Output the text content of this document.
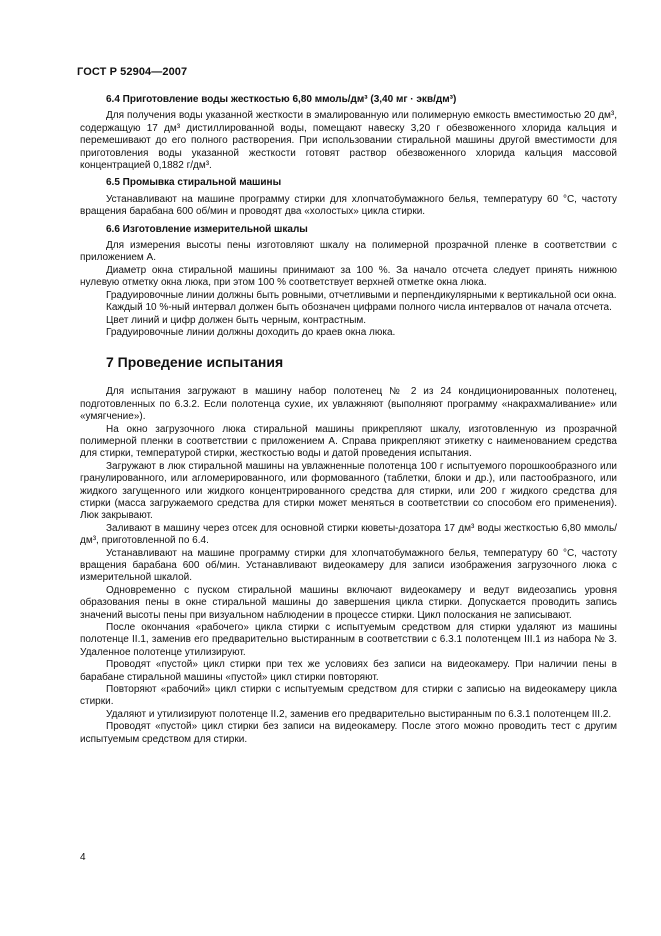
ГОСТ Р 52904—2007
6.4 Приготовление воды жесткостью 6,80 ммоль/дм³ (3,40 мг · экв/дм³)

Для получения воды указанной жесткости в эмалированную или полимерную емкость вместимостью 20 дм³, содержащую 17 дм³ дистиллированной воды, помещают навеску 3,20 г обезвоженного хлорида кальция и перемешивают до его полного растворения. При использовании стиральной машины другой вместимости для приготовления воды указанной жесткости готовят раствор обезвоженного хлорида кальция массовой концентрацией 0,1882 г/дм³.

6.5 Промывка стиральной машины

Устанавливают на машине программу стирки для хлопчатобумажного белья, температуру 60 °С, частоту вращения барабана 600 об/мин и проводят два «холостых» цикла стирки.

6.6 Изготовление измерительной шкалы

Для измерения высоты пены изготовляют шкалу на полимерной прозрачной пленке в соответствии с приложением А.

Диаметр окна стиральной машины принимают за 100 %. За начало отсчета следует принять нижнюю нулевую отметку окна люка, при этом 100 % соответствует верхней отметке окна люка.

Градуировочные линии должны быть ровными, отчетливыми и перпендикулярными к вертикальной оси окна.

Каждый 10 %-ный интервал должен быть обозначен цифрами полного числа интервалов от начала отсчета.

Цвет линий и цифр должен быть черным, контрастным.

Градуировочные линии должны доходить до краев окна люка.

7 Проведение испытания

Для испытания загружают в машину набор полотенец № 2 из 24 кондиционированных полотенец, подготовленных по 6.3.2. Если полотенца сухие, их увлажняют (выполняют программу «накрахмаливание» или «умягчение»).

На окно загрузочного люка стиральной машины прикрепляют шкалу, изготовленную из прозрачной полимерной пленки в соответствии с приложением А. Справа прикрепляют этикетку с наименованием средства для стирки, температурой стирки, жесткостью воды и датой проведения испытания.

Загружают в люк стиральной машины на увлажненные полотенца 100 г испытуемого порошкообразного или гранулированного, или агломерированного, или формованного (таблетки, блоки и др.), или пастообразного, или жидкого загущенного или жидкого концентрированного средства для стирки, или 200 г жидкого средства для стирки (масса загружаемого средства для стирки может меняться в соответствии со способом его применения). Люк закрывают.

Заливают в машину через отсек для основной стирки кюветы-дозатора 17 дм³ воды жесткостью 6,80 ммоль/дм³, приготовленной по 6.4.

Устанавливают на машине программу стирки для хлопчатобумажного белья, температуру 60 °С, частоту вращения барабана 600 об/мин. Устанавливают видеокамеру для записи изображения загрузочного люка с измерительной шкалой.

Одновременно с пуском стиральной машины включают видеокамеру и ведут видеозапись уровня образования пены в окне стиральной машины до завершения цикла стирки. Допускается проводить запись значений высоты пены при визуальном наблюдении в процессе стирки. Цикл полоскания не записывают.

После окончания «рабочего» цикла стирки с испытуемым средством для стирки удаляют из машины полотенце II.1, заменив его предварительно выстиранным в соответствии с 6.3.1 полотенцем III.1 из набора № 3. Удаленное полотенце утилизируют.

Проводят «пустой» цикл стирки при тех же условиях без записи на видеокамеру. При наличии пены в барабане стиральной машины «пустой» цикл стирки повторяют.

Повторяют «рабочий» цикл стирки с испытуемым средством для стирки с записью на видеокамеру цикла стирки.

Удаляют и утилизируют полотенце II.2, заменив его предварительно выстиранным по 6.3.1 полотенцем III.2.

Проводят «пустой» цикл стирки без записи на видеокамеру. После этого можно проводить тест с другим испытуемым средством для стирки.

4
